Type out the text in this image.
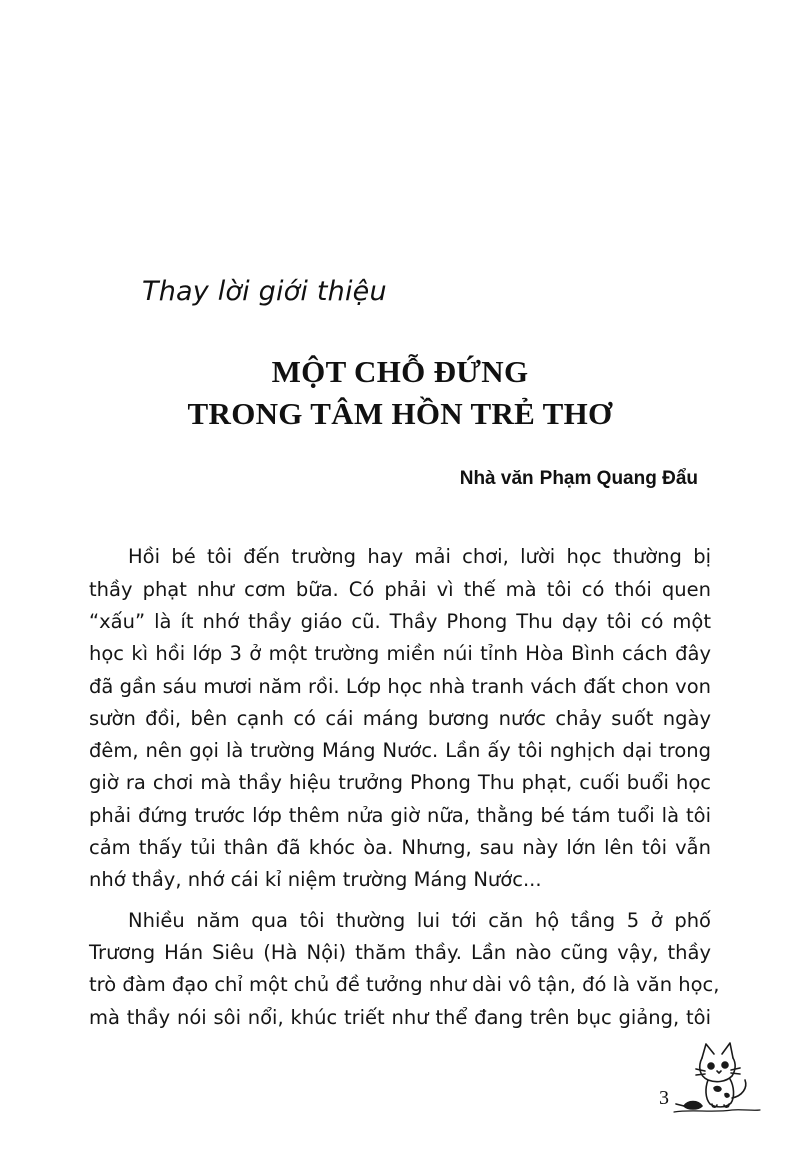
Thay lời giới thiệu
MỘT CHỖ ĐỨNG
TRONG TÂM HỒN TRẺ THƠ
Nhà văn Phạm Quang Đẩu
Hồi bé tôi đến trường hay mải chơi, lười học thường bị
thầy phạt như cơm bữa. Có phải vì thế mà tôi có thói quen
“xấu” là ít nhớ thầy giáo cũ. Thầy Phong Thu dạy tôi có một
học kì hồi lớp 3 ở một trường miền núi tỉnh Hòa Bình cách đây
đã gần sáu mươi năm rồi. Lớp học nhà tranh vách đất chon von
sườn đồi, bên cạnh có cái máng bương nước chảy suốt ngày
đêm, nên gọi là trường Máng Nước. Lần ấy tôi nghịch dại trong
giờ ra chơi mà thầy hiệu trưởng Phong Thu phạt, cuối buổi học
phải đứng trước lớp thêm nửa giờ nữa, thằng bé tám tuổi là tôi
cảm thấy tủi thân đã khóc òa. Nhưng, sau này lớn lên tôi vẫn
nhớ thầy, nhớ cái kỉ niệm trường Máng Nước...
Nhiều năm qua tôi thường lui tới căn hộ tầng 5 ở phố
Trương Hán Siêu (Hà Nội) thăm thầy. Lần nào cũng vậy, thầy
trò đàm đạo chỉ một chủ đề tưởng như dài vô tận, đó là văn học,
mà thầy nói sôi nổi, khúc triết như thể đang trên bục giảng, tôi
3
